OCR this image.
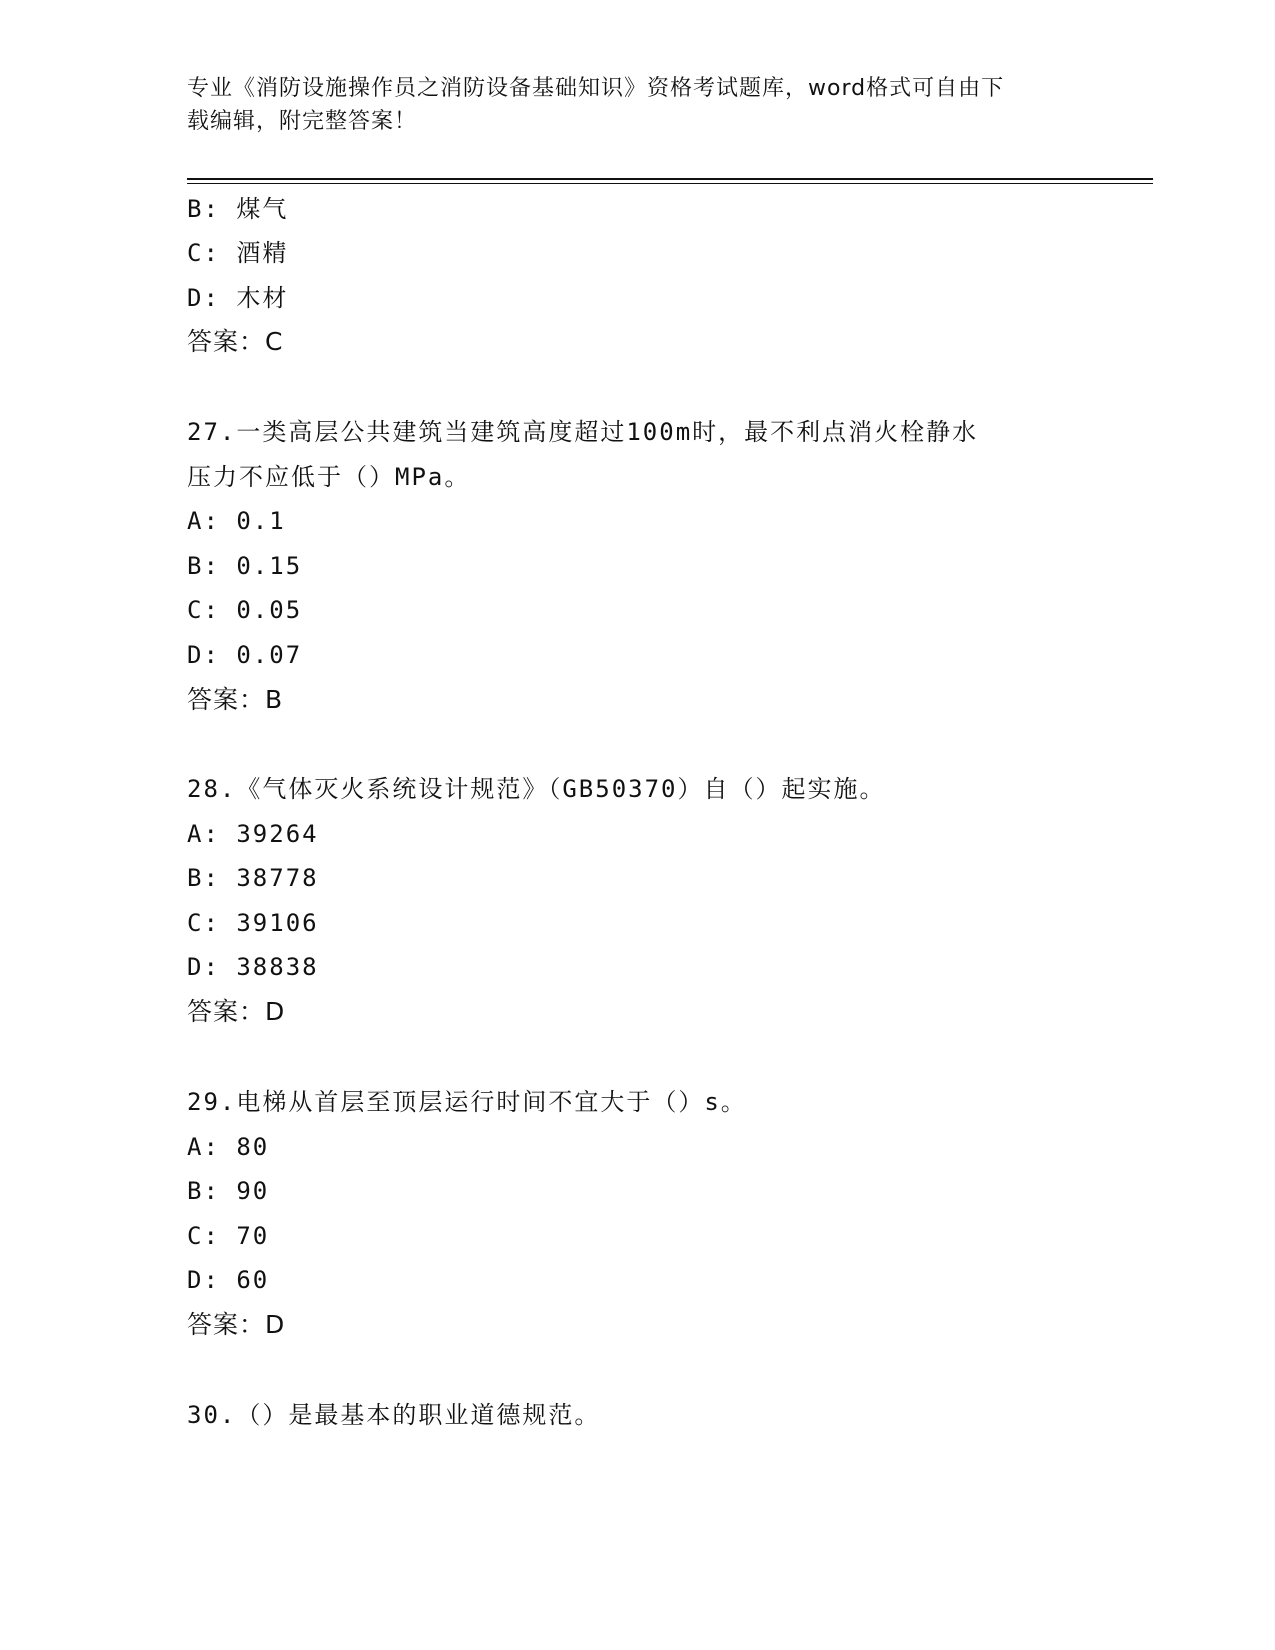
专业《消防设施操作员之消防设备基础知识》资格考试题库，word格式可自由下
载编辑，附完整答案！
B: 煤气
C: 酒精
D: 木材
答案：C
27.一类高层公共建筑当建筑高度超过100m时，最不利点消火栓静水
压力不应低于（）MPa。
A: 0.1
B: 0.15
C: 0.05
D: 0.07
答案：B
28.《气体灭火系统设计规范》（GB50370）自（）起实施。
A: 39264
B: 38778
C: 39106
D: 38838
答案：D
29.电梯从首层至顶层运行时间不宜大于（）s。
A: 80
B: 90
C: 70
D: 60
答案：D
30.（）是最基本的职业道德规范。
